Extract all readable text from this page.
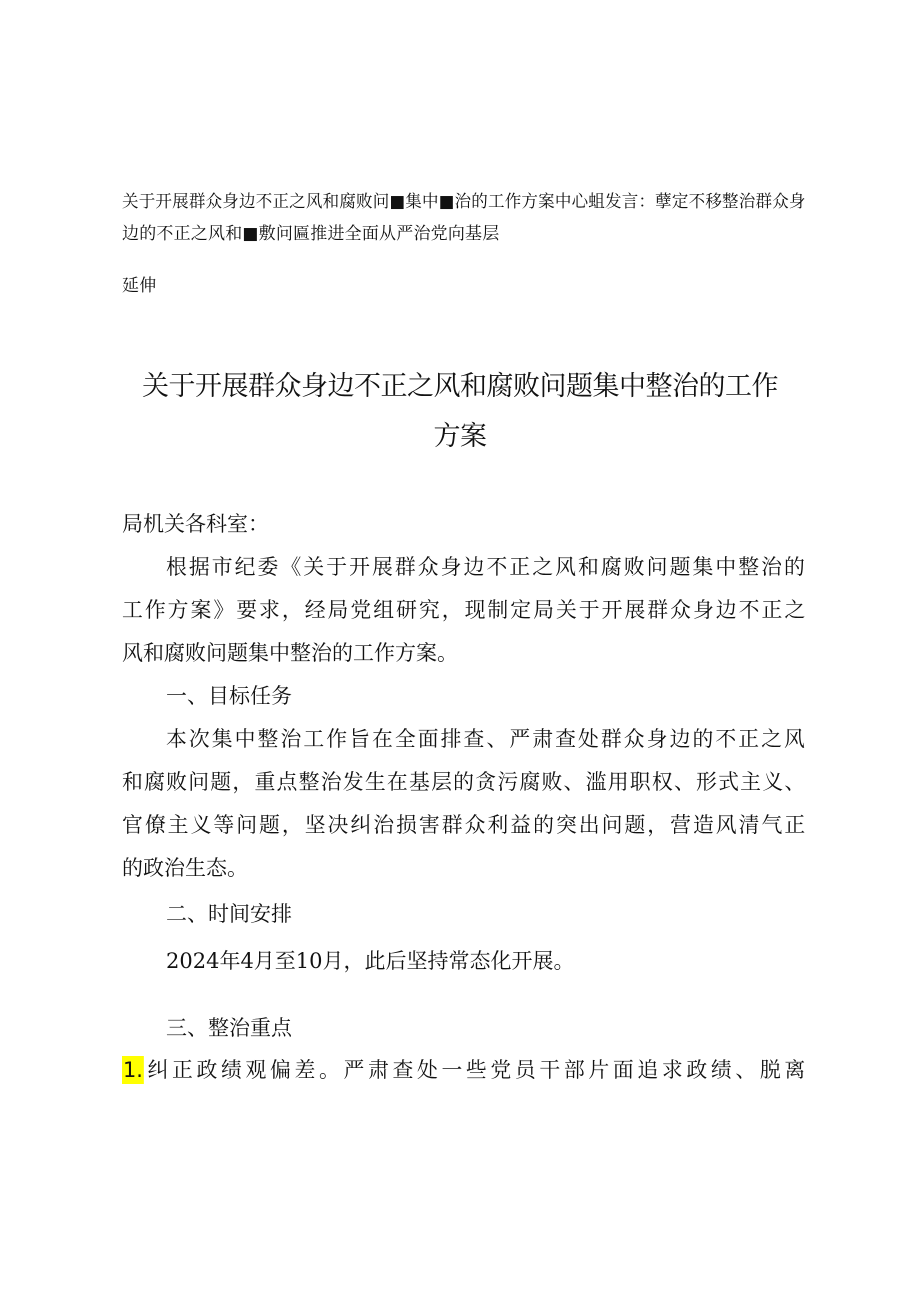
关于开展群众身边不正之风和腐败问■集中■治的工作方案中心蛆发言：孽定不移整治群众身
边的不正之风和■敷问匾推进全面从严治党向基层
延伸
关于开展群众身边不正之风和腐败问题集中整治的工作
方案
局机关各科室：
根据市纪委《关于开展群众身边不正之风和腐败问题集中整治的
工作方案》要求，经局党组研究，现制定局关于开展群众身边不正之
风和腐败问题集中整治的工作方案。
一、目标任务
本次集中整治工作旨在全面排查、严肃查处群众身边的不正之风
和腐败问题，重点整治发生在基层的贪污腐败、滥用职权、形式主义、
官僚主义等问题，坚决纠治损害群众利益的突出问题，营造风清气正
的政治生态。
二、时间安排
2024年4月至10月，此后坚持常态化开展。
三、整治重点
1.纠正政绩观偏差。严肃查处一些党员干部片面追求政绩、脱离
